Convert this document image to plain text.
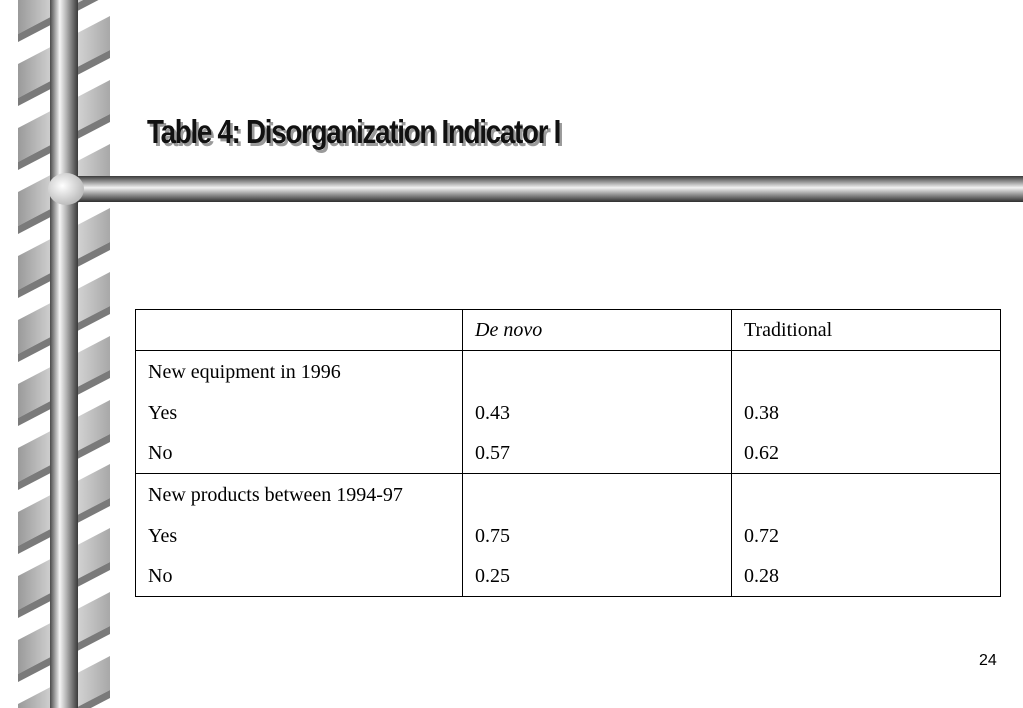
Table 4: Disorganization Indicator I
	De novo	Traditional
New equipment in 1996		
Yes	0.43	0.38
No	0.57	0.62
New products between 1994-97		
Yes	0.75	0.72
No	0.25	0.28
24
